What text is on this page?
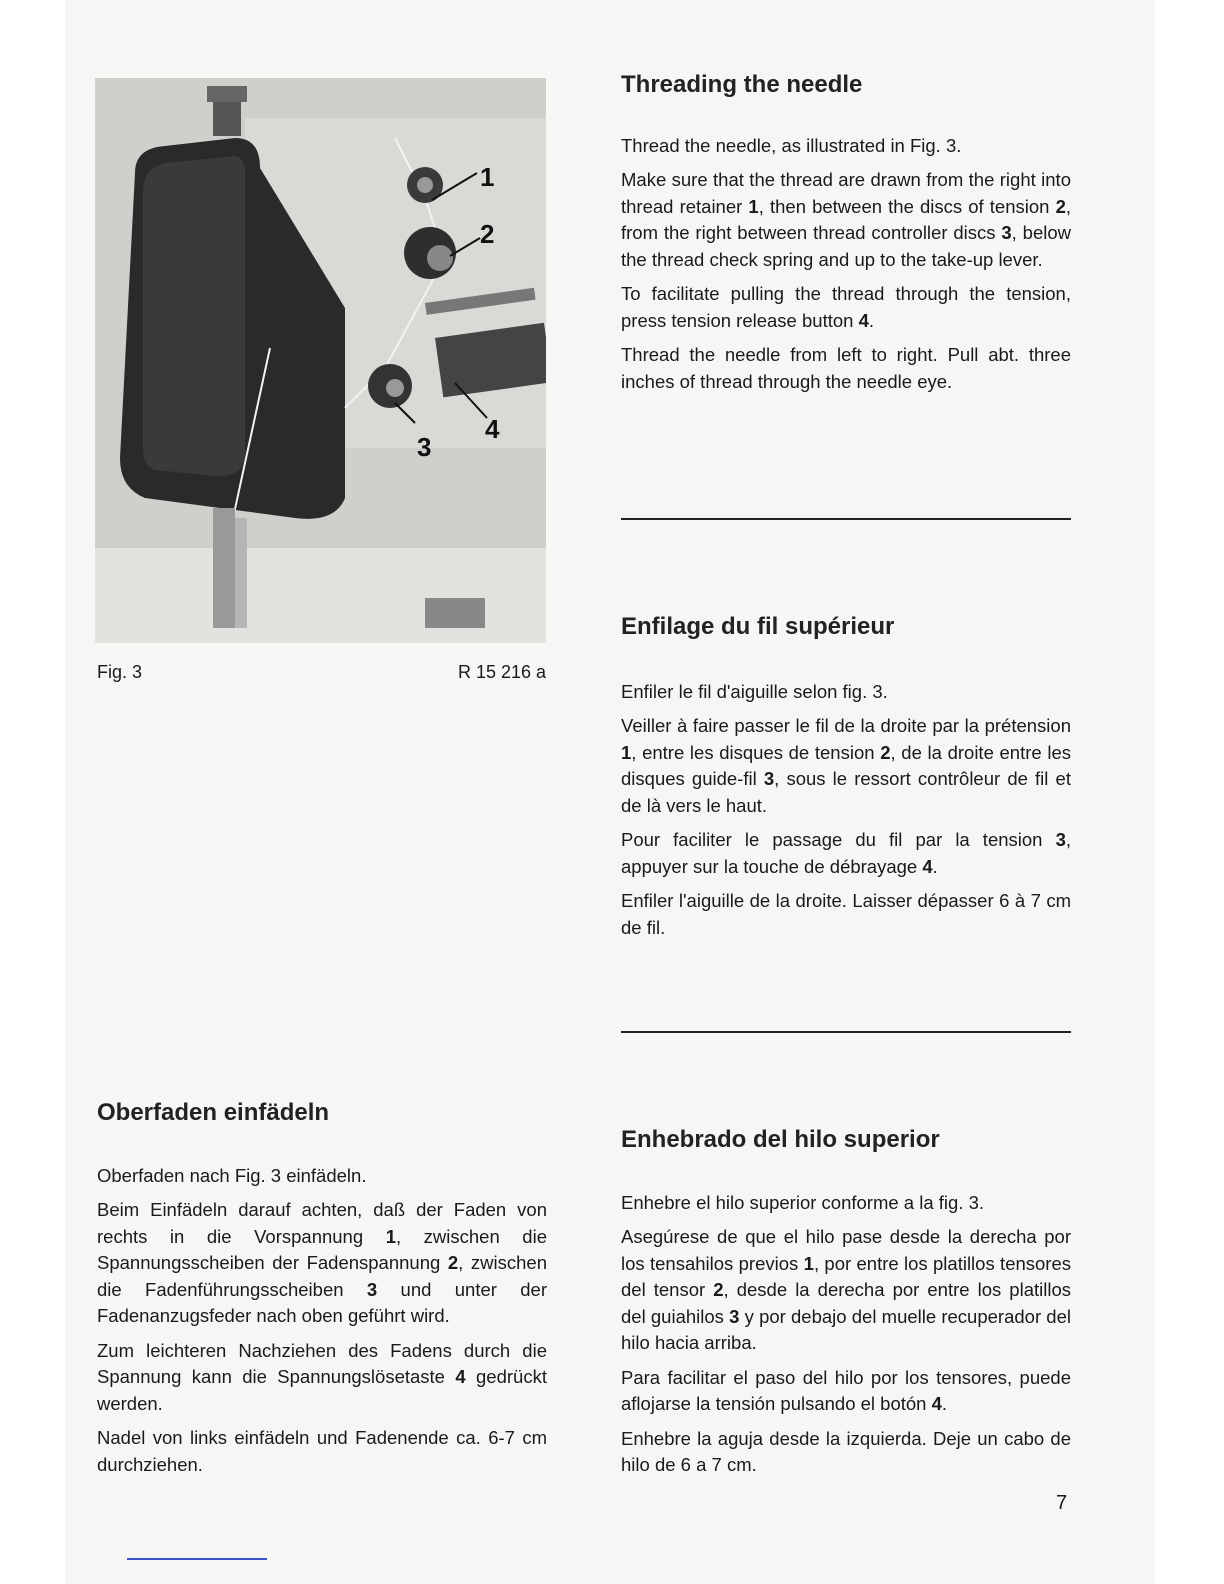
1
2
3
4
Fig. 3	R 15 216 a
Threading the needle

Thread the needle, as illustrated in Fig. 3.

Make sure that the thread are drawn from the right into thread retainer 1, then between the discs of tension 2, from the right between thread controller discs 3, below the thread check spring and up to the take-up lever.

To facilitate pulling the thread through the tension, press tension release button 4.

Thread the needle from left to right. Pull abt. three inches of thread through the needle eye.

Enfilage du fil supérieur

Enfiler le fil d'aiguille selon fig. 3.

Veiller à faire passer le fil de la droite par la prétension 1, entre les disques de tension 2, de la droite entre les disques guide-fil 3, sous le ressort contrôleur de fil et de là vers le haut.

Pour faciliter le passage du fil par la tension 3, appuyer sur la touche de débrayage 4.

Enfiler l'aiguille de la droite. Laisser dépasser 6 à 7 cm de fil.

Oberfaden einfädeln

Oberfaden nach Fig. 3 einfädeln.

Beim Einfädeln darauf achten, daß der Faden von rechts in die Vorspannung 1, zwischen die Spannungsscheiben der Fadenspannung 2, zwischen die Fadenführungsscheiben 3 und unter der Fadenanzugsfeder nach oben geführt wird.

Zum leichteren Nachziehen des Fadens durch die Spannung kann die Spannungslösetaste 4 gedrückt werden.

Nadel von links einfädeln und Fadenende ca. 6-7 cm durchziehen.

Enhebrado del hilo superior

Enhebre el hilo superior conforme a la fig. 3.

Asegúrese de que el hilo pase desde la derecha por los tensahilos previos 1, por entre los platillos tensores del tensor 2, desde la derecha por entre los platillos del guiahilos 3 y por debajo del muelle recuperador del hilo hacia arriba.

Para facilitar el paso del hilo por los tensores, puede aflojarse la tensión pulsando el botón 4.

Enhebre la aguja desde la izquierda. Deje un cabo de hilo de 6 a 7 cm.

7
